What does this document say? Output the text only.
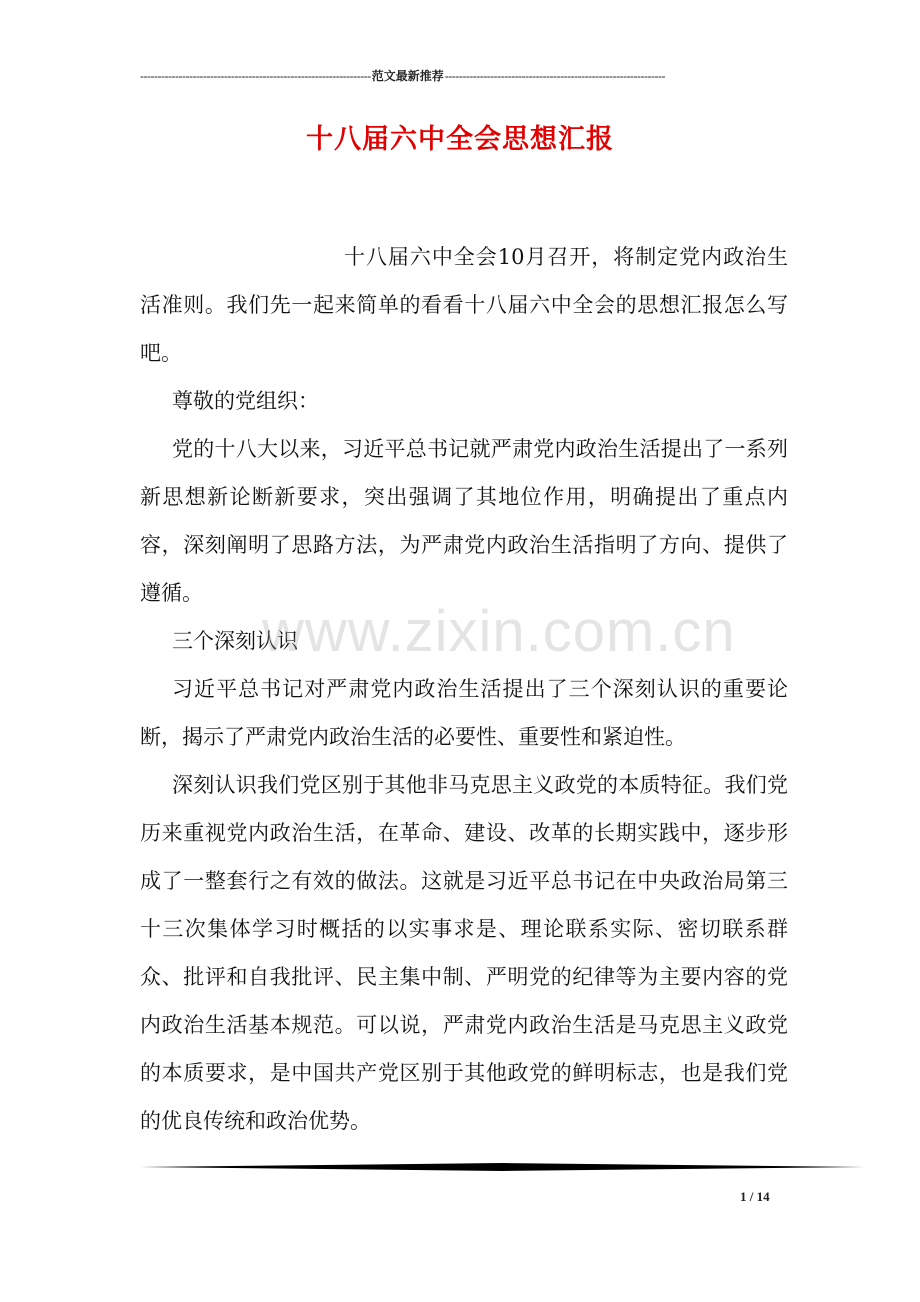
------------------------------------------------------------------范文最新推荐---------------------------------------------------------------
十八届六中全会思想汇报

十八届六中全会10月召开，将制定党内政治生活准则。我们先一起来简单的看看十八届六中全会的思想汇报怎么写吧。

尊敬的党组织：

党的十八大以来，习近平总书记就严肃党内政治生活提出了一系列新思想新论断新要求，突出强调了其地位作用，明确提出了重点内容，深刻阐明了思路方法，为严肃党内政治生活指明了方向、提供了遵循。

三个深刻认识

习近平总书记对严肃党内政治生活提出了三个深刻认识的重要论断，揭示了严肃党内政治生活的必要性、重要性和紧迫性。

深刻认识我们党区别于其他非马克思主义政党的本质特征。我们党历来重视党内政治生活，在革命、建设、改革的长期实践中，逐步形成了一整套行之有效的做法。这就是习近平总书记在中央政治局第三十三次集体学习时概括的以实事求是、理论联系实际、密切联系群众、批评和自我批评、民主集中制、严明党的纪律等为主要内容的党内政治生活基本规范。可以说，严肃党内政治生活是马克思主义政党的本质要求，是中国共产党区别于其他政党的鲜明标志，也是我们党的优良传统和政治优势。

www.zixin.com.cn
1 / 14
